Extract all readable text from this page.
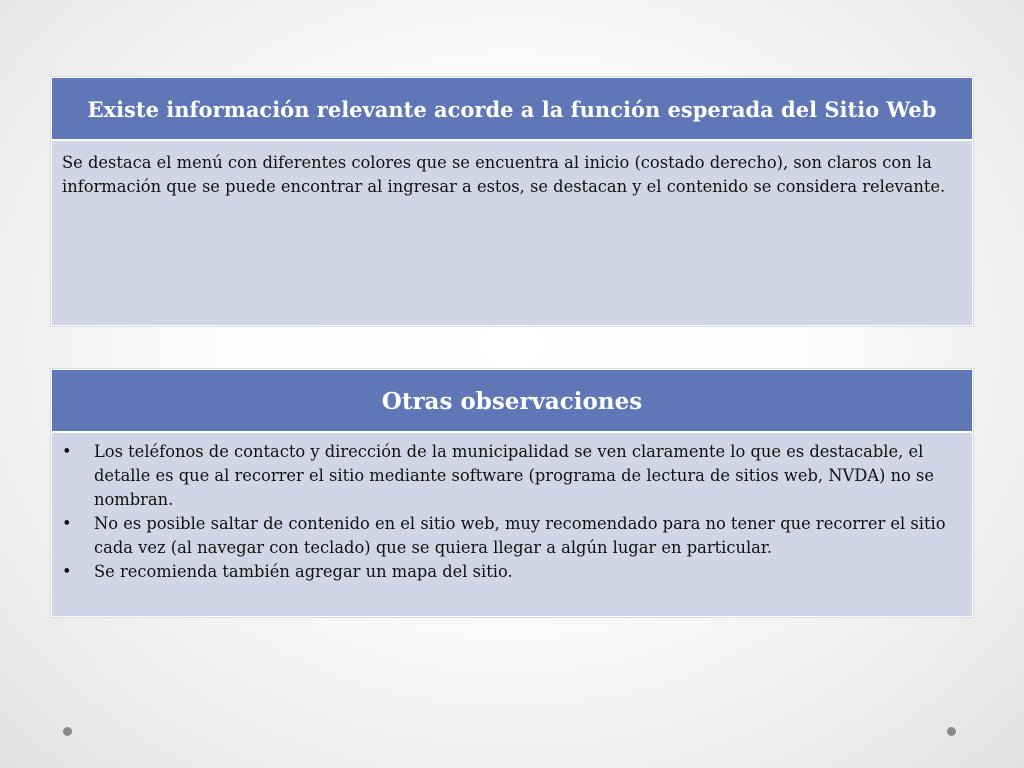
Existe información relevante acorde a la función esperada del Sitio Web
Se destaca el menú con diferentes colores que se encuentra al inicio (costado derecho), son claros con la información que se puede encontrar al ingresar a estos, se destacan y el contenido se considera relevante.
Otras observaciones
• Los teléfonos de contacto y dirección de la municipalidad se ven claramente lo que es destacable, el detalle es que al recorrer el sitio mediante software (programa de lectura de sitios web, NVDA) no se nombran.
• No es posible saltar de contenido en el sitio web, muy recomendado para no tener que recorrer el sitio cada vez (al navegar con teclado) que se quiera llegar a algún lugar en particular.
• Se recomienda también agregar un mapa del sitio.
